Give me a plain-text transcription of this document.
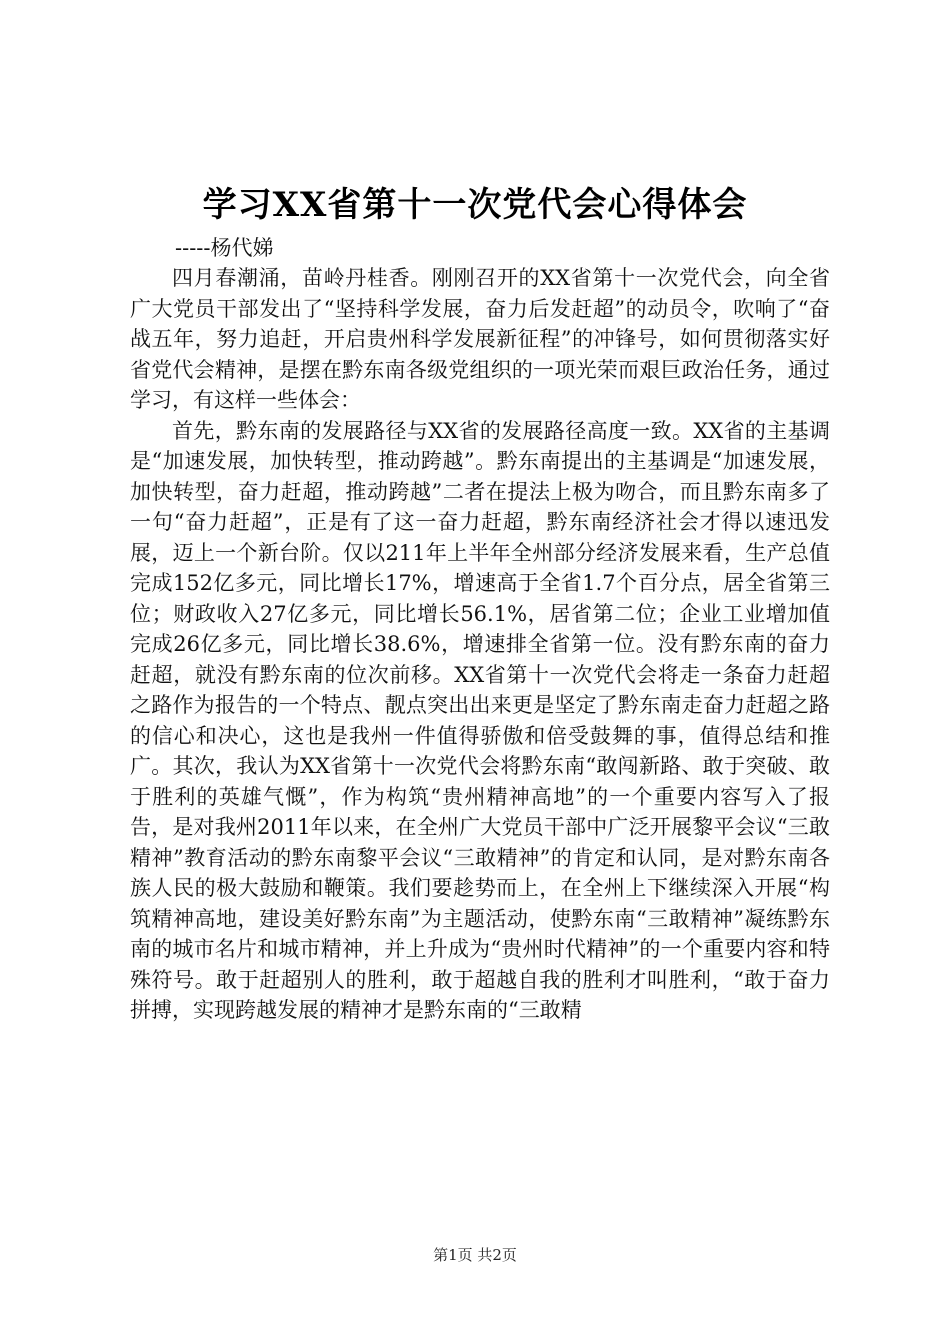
学习XX省第十一次党代会心得体会
-----杨代娣

四月春潮涌，苗岭丹桂香。刚刚召开的XX省第十一次党代会，向全省广大党员干部发出了“坚持科学发展，奋力后发赶超”的动员令，吹响了“奋战五年，努力追赶，开启贵州科学发展新征程”的冲锋号，如何贯彻落实好省党代会精神，是摆在黔东南各级党组织的一项光荣而艰巨政治任务，通过学习，有这样一些体会：

首先，黔东南的发展路径与XX省的发展路径高度一致。XX省的主基调是“加速发展，加快转型，推动跨越”。黔东南提出的主基调是“加速发展，加快转型，奋力赶超，推动跨越”二者在提法上极为吻合，而且黔东南多了一句“奋力赶超”，正是有了这一奋力赶超，黔东南经济社会才得以速迅发展，迈上一个新台阶。仅以211年上半年全州部分经济发展来看，生产总值完成152亿多元，同比增长17%，增速高于全省1.7个百分点，居全省第三位；财政收入27亿多元，同比增长56.1%，居省第二位；企业工业增加值完成26亿多元，同比增长38.6%，增速排全省第一位。没有黔东南的奋力赶超，就没有黔东南的位次前移。XX省第十一次党代会将走一条奋力赶超之路作为报告的一个特点、靓点突出出来更是坚定了黔东南走奋力赶超之路的信心和决心，这也是我州一件值得骄傲和倍受鼓舞的事，值得总结和推广。其次，我认为XX省第十一次党代会将黔东南“敢闯新路、敢于突破、敢于胜利的英雄气慨”，作为构筑“贵州精神高地”的一个重要内容写入了报告，是对我州2011年以来，在全州广大党员干部中广泛开展黎平会议“三敢精神”教育活动的黔东南黎平会议“三敢精神”的肯定和认同，是对黔东南各族人民的极大鼓励和鞭策。我们要趁势而上，在全州上下继续深入开展“构筑精神高地，建设美好黔东南”为主题活动，使黔东南“三敢精神”凝练黔东南的城市名片和城市精神，并上升成为“贵州时代精神”的一个重要内容和特殊符号。敢于赶超别人的胜利，敢于超越自我的胜利才叫胜利，“敢于奋力拼搏，实现跨越发展的精神才是黔东南的“三敢精

第1页 共2页
